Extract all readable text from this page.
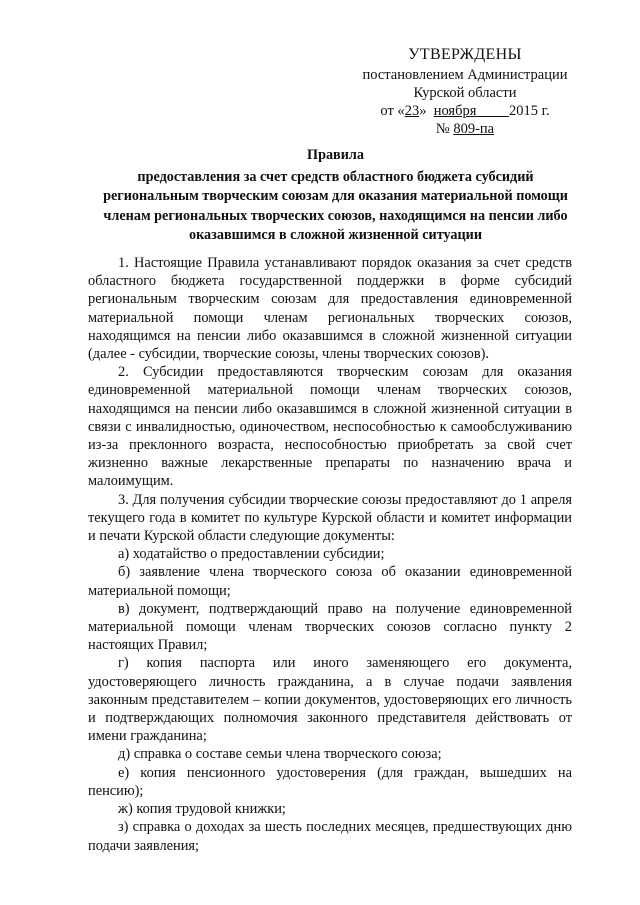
УТВЕРЖДЕНЫ
постановлением Администрации
Курской области
от «23» ноября 2015 г.
№ 809-па
Правила
предоставления за счет средств областного бюджета субсидий региональным творческим союзам для оказания материальной помощи членам региональных творческих союзов, находящимся на пенсии либо оказавшимся в сложной жизненной ситуации

1. Настоящие Правила устанавливают порядок оказания за счет средств областного бюджета государственной поддержки в форме субсидий региональным творческим союзам для предоставления единовременной материальной помощи членам региональных творческих союзов, находящимся на пенсии либо оказавшимся в сложной жизненной ситуации (далее - субсидии, творческие союзы, члены творческих союзов).

2. Субсидии предоставляются творческим союзам для оказания единовременной материальной помощи членам творческих союзов, находящимся на пенсии либо оказавшимся в сложной жизненной ситуации в связи с инвалидностью, одиночеством, неспособностью к самообслуживанию из-за преклонного возраста, неспособностью приобретать за свой счет жизненно важные лекарственные препараты по назначению врача и малоимущим.

3. Для получения субсидии творческие союзы предоставляют до 1 апреля текущего года в комитет по культуре Курской области и комитет информации и печати Курской области следующие документы:

а) ходатайство о предоставлении субсидии;

б) заявление члена творческого союза об оказании единовременной материальной помощи;

в) документ, подтверждающий право на получение единовременной материальной помощи членам творческих союзов согласно пункту 2 настоящих Правил;

г) копия паспорта или иного заменяющего его документа, удостоверяющего личность гражданина, а в случае подачи заявления законным представителем – копии документов, удостоверяющих его личность и подтверждающих полномочия законного представителя действовать от имени гражданина;

д) справка о составе семьи члена творческого союза;

е) копия пенсионного удостоверения (для граждан, вышедших на пенсию);

ж) копия трудовой книжки;

з) справка о доходах за шесть последних месяцев, предшествующих дню подачи заявления;
